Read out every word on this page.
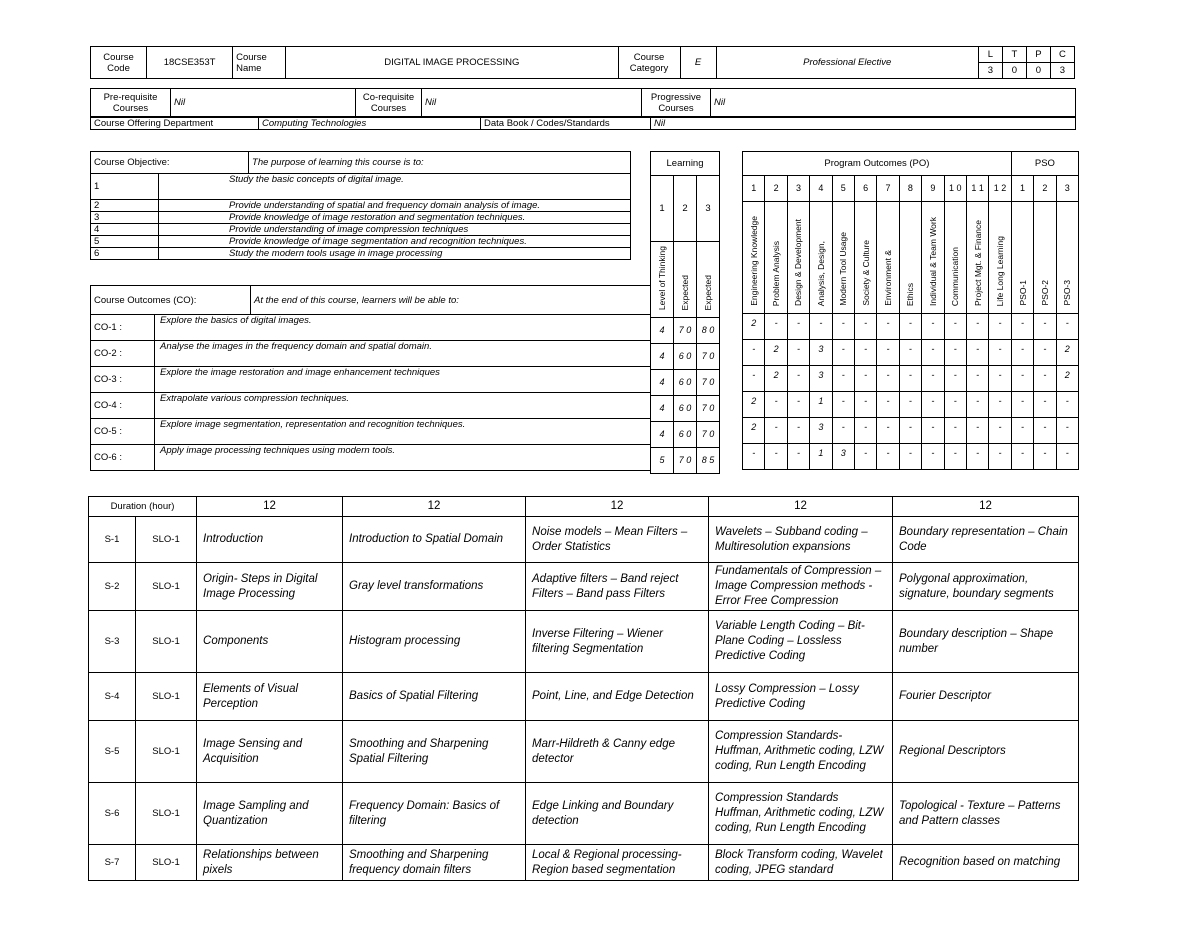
Course Code	18CSE353T	Course Name	DIGITAL IMAGE PROCESSING	Course Category	E	Professional Elective	L	T	P	C
							3	0	0	3
Pre-requisite Courses	Nil	Co-requisite Courses	Nil	Progressive Courses	Nil
Course Offering Department	Computing Technologies	Data Book / Codes/Standards	Nil
Course Objective:		The purpose of learning this course is to:
1	Study the basic concepts of digital image.	
2	Provide understanding of spatial and frequency domain analysis of image.	
3	Provide knowledge of image restoration and segmentation techniques.	
4	Provide understanding of image compression techniques	
5	Provide knowledge of image segmentation and recognition techniques.	
6	Study the modern tools usage in image processing	
Course Outcomes (CO):		At the end of this course, learners will be able to:
CO-1 :	Explore the basics of digital images.	
CO-2 :	Analyse the images in the frequency domain and spatial domain.	
CO-3 :	Explore the image restoration and image enhancement techniques	
CO-4 :	Extrapolate various compression techniques.	
CO-5 :	Explore image segmentation, representation and recognition techniques.	
CO-6 :	Apply image processing techniques using modern tools.	
Learning		
1	2	3
Level of Thinking	Expected	Expected
4	7 0	8 0
4	6 0	7 0
4	6 0	7 0
4	6 0	7 0
4	6 0	7 0
5	7 0	8 5
Program Outcomes (PO)												PSO		
1	2	3	4	5	6	7	8	9	1 0	1 1	1 2	1	2	3
Engineering Knowledge	Problem Analysis	Design & Development	Analysis, Design,	Modern Tool Usage	Society & Culture	Environment &	Ethics	Individual & Team Work	Communication	Project Mgt. & Finance	Life Long Learning	PSO-1	PSO-2	PSO-3
2	-	-	-	-	-	-	-	-	-	-	-	-	-	-
-	2	-	3	-	-	-	-	-	-	-	-	-	-	2
-	2	-	3	-	-	-	-	-	-	-	-	-	-	2
2	-	-	1	-	-	-	-	-	-	-	-	-	-	-
2	-	-	3	-	-	-	-	-	-	-	-	-	-	-
-	-	-	1	3	-	-	-	-	-	-	-	-	-	-
Duration (hour)		12	12	12	12	12
S-1	SLO-1	Introduction	Introduction to Spatial Domain	Noise models – Mean Filters – Order Statistics	Wavelets – Subband coding – Multiresolution expansions	Boundary representation – Chain Code
S-2	SLO-1	Origin- Steps in Digital Image Processing	Gray level transformations	Adaptive filters – Band reject Filters – Band pass Filters	Fundamentals of Compression – Image Compression methods - Error Free Compression	Polygonal approximation, signature, boundary segments
S-3	SLO-1	Components	Histogram processing	Inverse Filtering – Wiener filtering Segmentation	Variable Length Coding – Bit-Plane Coding – Lossless Predictive Coding	Boundary description – Shape number
S-4	SLO-1	Elements of Visual Perception	Basics of Spatial Filtering	Point, Line, and Edge Detection	Lossy Compression – Lossy Predictive Coding	Fourier Descriptor
S-5	SLO-1	Image Sensing and Acquisition	Smoothing and Sharpening Spatial Filtering	Marr-Hildreth & Canny edge detector	Compression Standards- Huffman, Arithmetic coding, LZW coding, Run Length Encoding	Regional Descriptors
S-6	SLO-1	Image Sampling and Quantization	Frequency Domain: Basics of filtering	Edge Linking and Boundary detection	Compression Standards Huffman, Arithmetic coding, LZW coding, Run Length Encoding	Topological - Texture – Patterns and Pattern classes
S-7	SLO-1	Relationships between pixels	Smoothing and Sharpening frequency domain filters	Local & Regional processing- Region based segmentation	Block Transform coding, Wavelet coding, JPEG standard	Recognition based on matching
